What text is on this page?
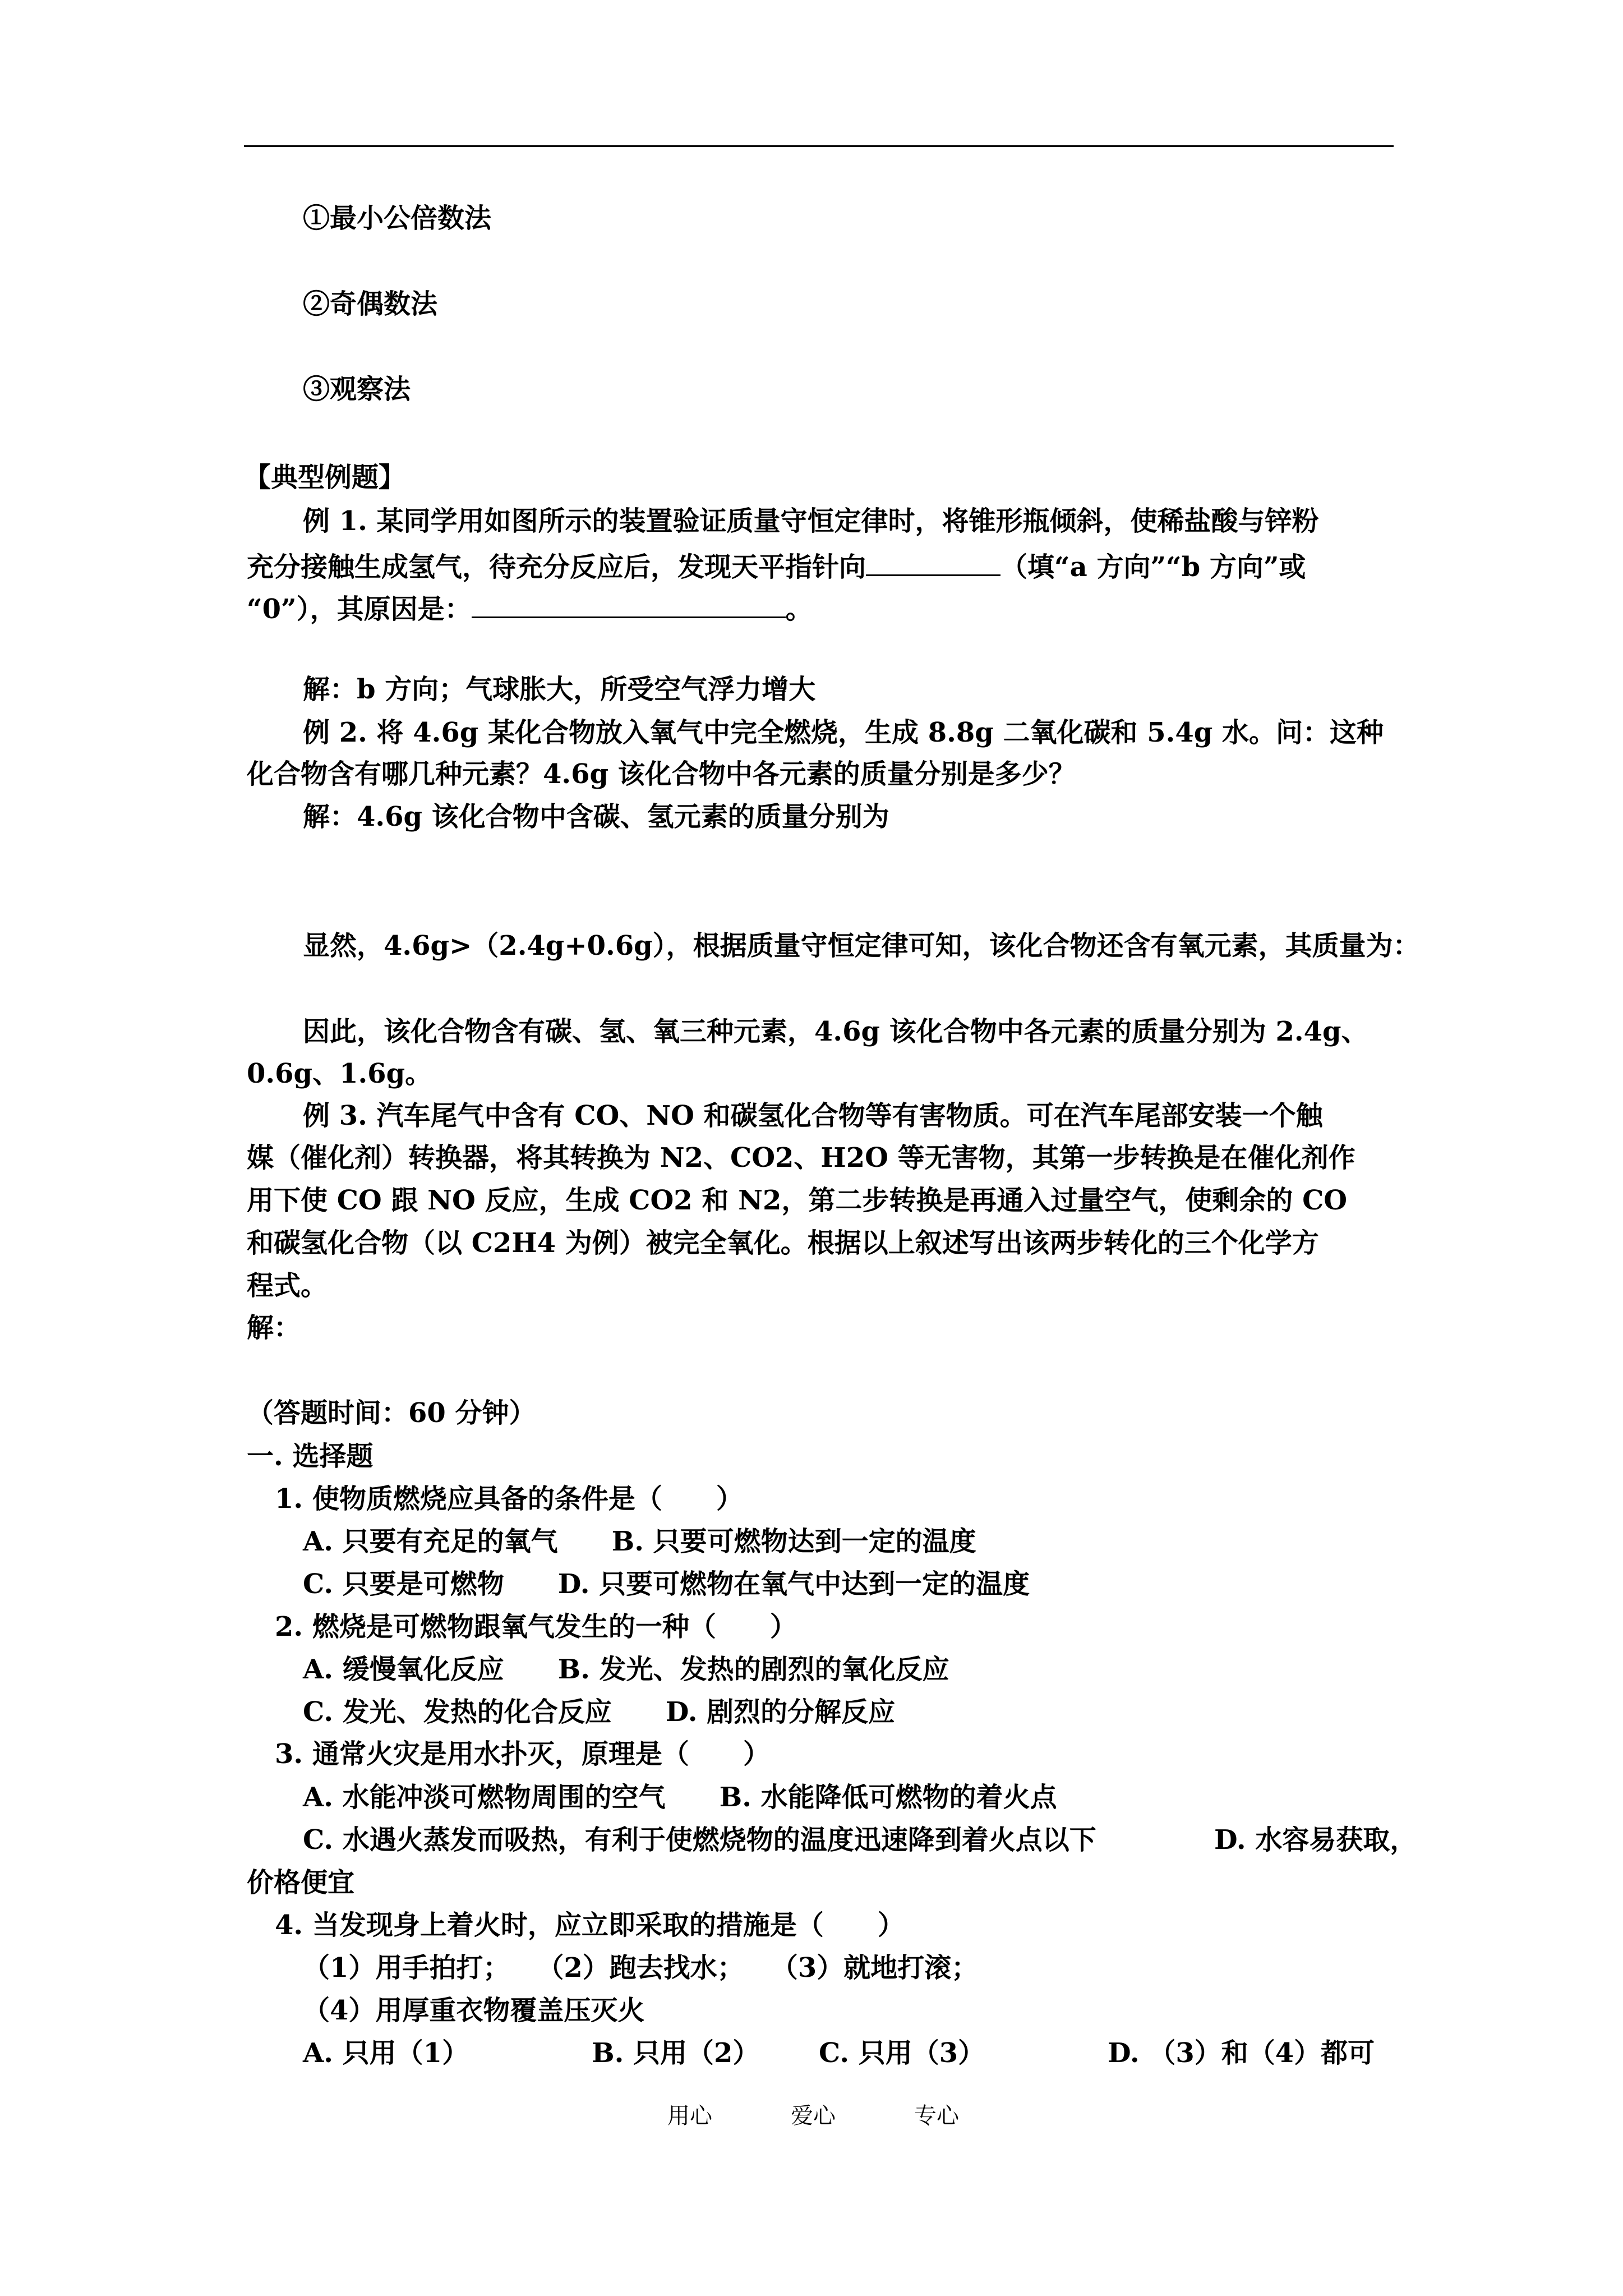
①最小公倍数法
②奇偶数法
③观察法
【典型例题】
例 1. 某同学用如图所示的装置验证质量守恒定律时，将锥形瓶倾斜，使稀盐酸与锌粉
充分接触生成氢气，待充分反应后，发现天平指针向	（填“a 方向”“b 方向”或
“0”），其原因是：	。
解：b 方向；气球胀大，所受空气浮力增大
例 2. 将 4.6g 某化合物放入氧气中完全燃烧，生成 8.8g 二氧化碳和 5.4g 水。问：这种
化合物含有哪几种元素？4.6g 该化合物中各元素的质量分别是多少？
解：4.6g 该化合物中含碳、氢元素的质量分别为
显然，4.6g>（2.4g+0.6g），根据质量守恒定律可知，该化合物还含有氧元素，其质量为：
因此，该化合物含有碳、氢、氧三种元素，4.6g 该化合物中各元素的质量分别为 2.4g、
0.6g、1.6g。
例 3. 汽车尾气中含有 CO、NO 和碳氢化合物等有害物质。可在汽车尾部安装一个触
媒（催化剂）转换器，将其转换为 N2、CO2、H2O 等无害物，其第一步转换是在催化剂作
用下使 CO 跟 NO 反应，生成 CO2 和 N2，第二步转换是再通入过量空气，使剩余的 CO
和碳氢化合物（以 C2H4 为例）被完全氧化。根据以上叙述写出该两步转化的三个化学方
程式。
解：
（答题时间：60 分钟）
一. 选择题
1. 使物质燃烧应具备的条件是（　　）
A. 只要有充足的氧气　　B. 只要可燃物达到一定的温度
C. 只要是可燃物　　D. 只要可燃物在氧气中达到一定的温度
2. 燃烧是可燃物跟氧气发生的一种（　　）
A. 缓慢氧化反应　　B. 发光、发热的剧烈的氧化反应
C. 发光、发热的化合反应　　D. 剧烈的分解反应
3. 通常火灾是用水扑灭，原理是（　　）
A. 水能冲淡可燃物周围的空气　　B. 水能降低可燃物的着火点
C. 水遇火蒸发而吸热，有利于使燃烧物的温度迅速降到着火点以下	D. 水容易获取，
价格便宜
4. 当发现身上着火时，应立即采取的措施是（　　）
（1）用手拍打；　　（2）跑去找水；　　（3）就地打滚；
（4）用厚重衣物覆盖压灭火
A. 只用（1）	B. 只用（2） C. 只用（3）	D. （3）和（4）都可
用心	爱心	专心
